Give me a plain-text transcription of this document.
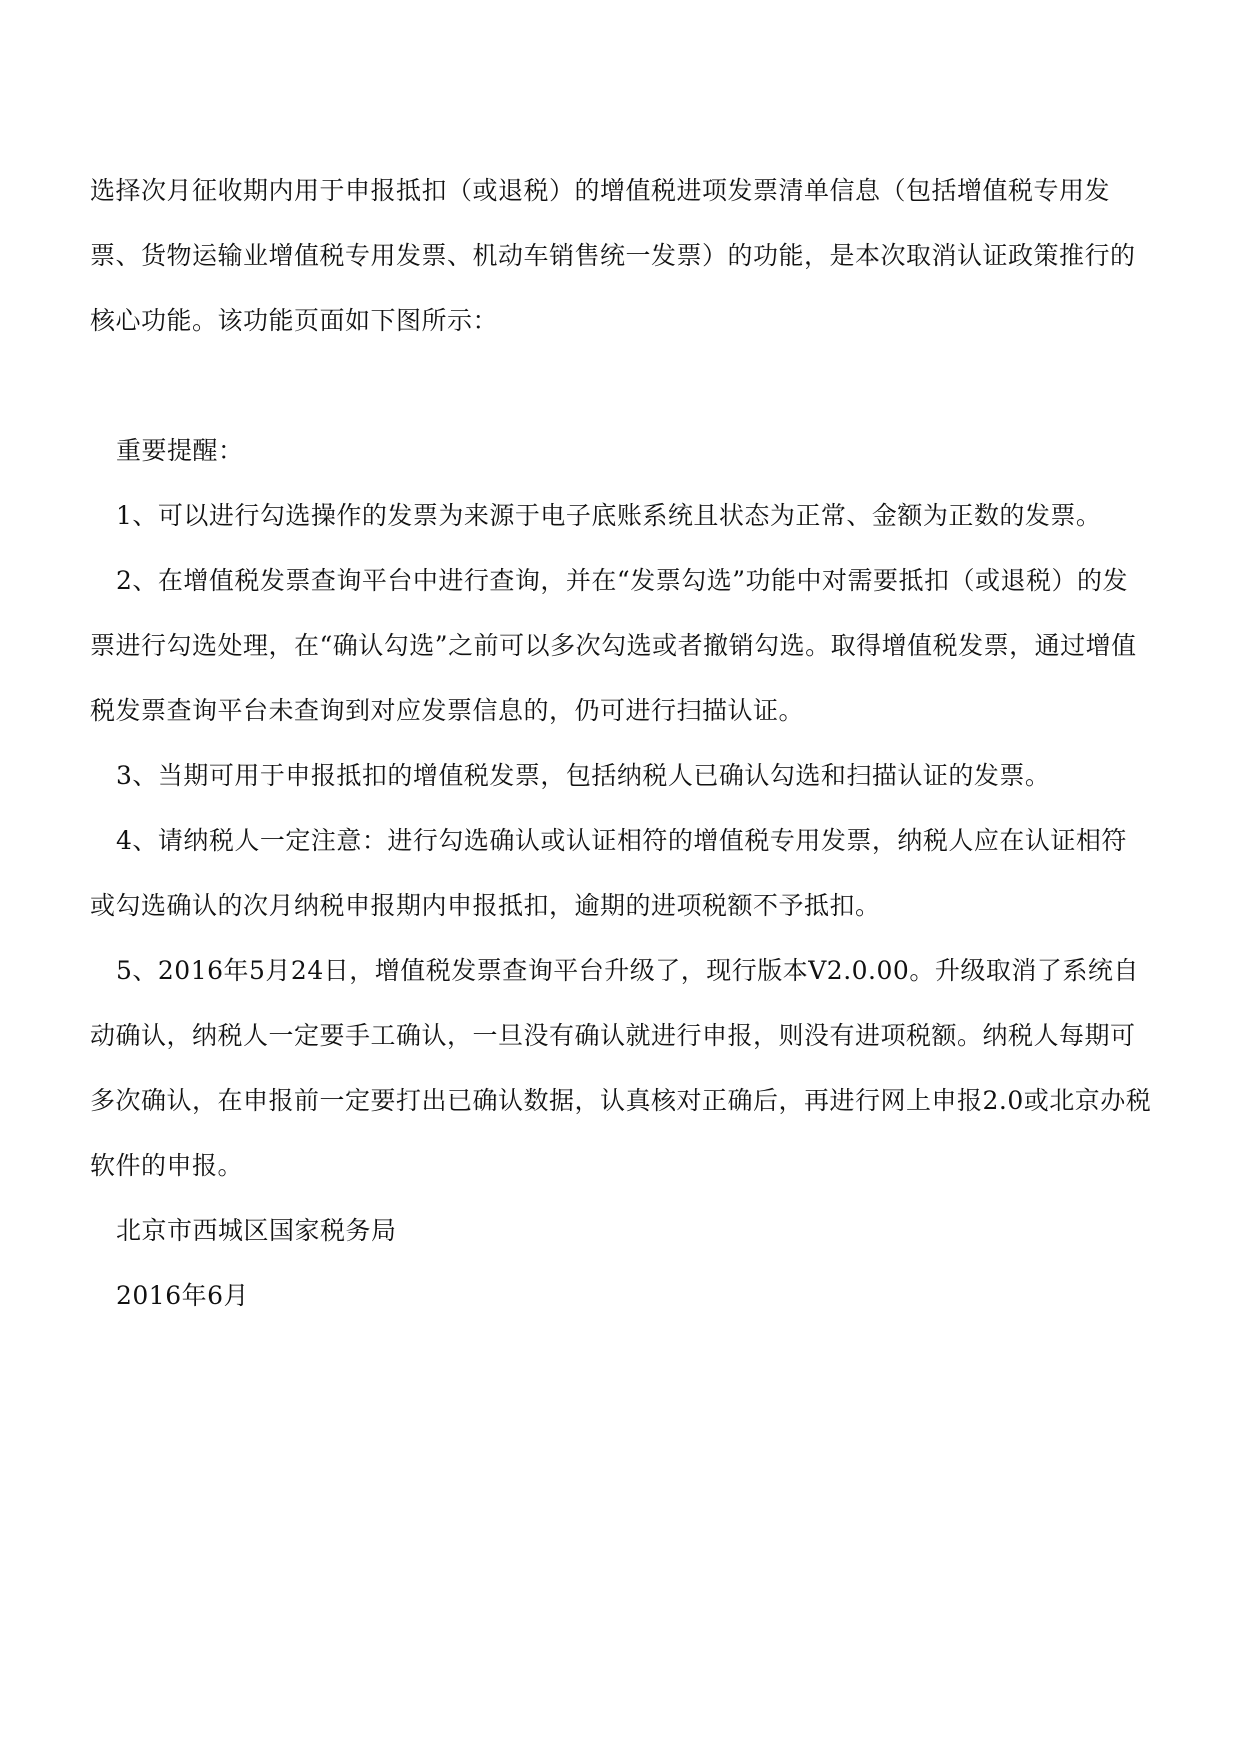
选择次月征收期内用于申报抵扣（或退税）的增值税进项发票清单信息（包括增值税专用发票、货物运输业增值税专用发票、机动车销售统一发票）的功能，是本次取消认证政策推行的核心功能。该功能页面如下图所示：

重要提醒：

1、可以进行勾选操作的发票为来源于电子底账系统且状态为正常、金额为正数的发票。

2、在增值税发票查询平台中进行查询，并在“发票勾选”功能中对需要抵扣（或退税）的发票进行勾选处理，在“确认勾选”之前可以多次勾选或者撤销勾选。取得增值税发票，通过增值税发票查询平台未查询到对应发票信息的，仍可进行扫描认证。

3、当期可用于申报抵扣的增值税发票，包括纳税人已确认勾选和扫描认证的发票。

4、请纳税人一定注意：进行勾选确认或认证相符的增值税专用发票，纳税人应在认证相符或勾选确认的次月纳税申报期内申报抵扣，逾期的进项税额不予抵扣。

5、2016年5月24日，增值税发票查询平台升级了，现行版本V2.0.00。升级取消了系统自动确认，纳税人一定要手工确认，一旦没有确认就进行申报，则没有进项税额。纳税人每期可多次确认，在申报前一定要打出已确认数据，认真核对正确后，再进行网上申报2.0或北京办税软件的申报。

北京市西城区国家税务局

2016年6月
